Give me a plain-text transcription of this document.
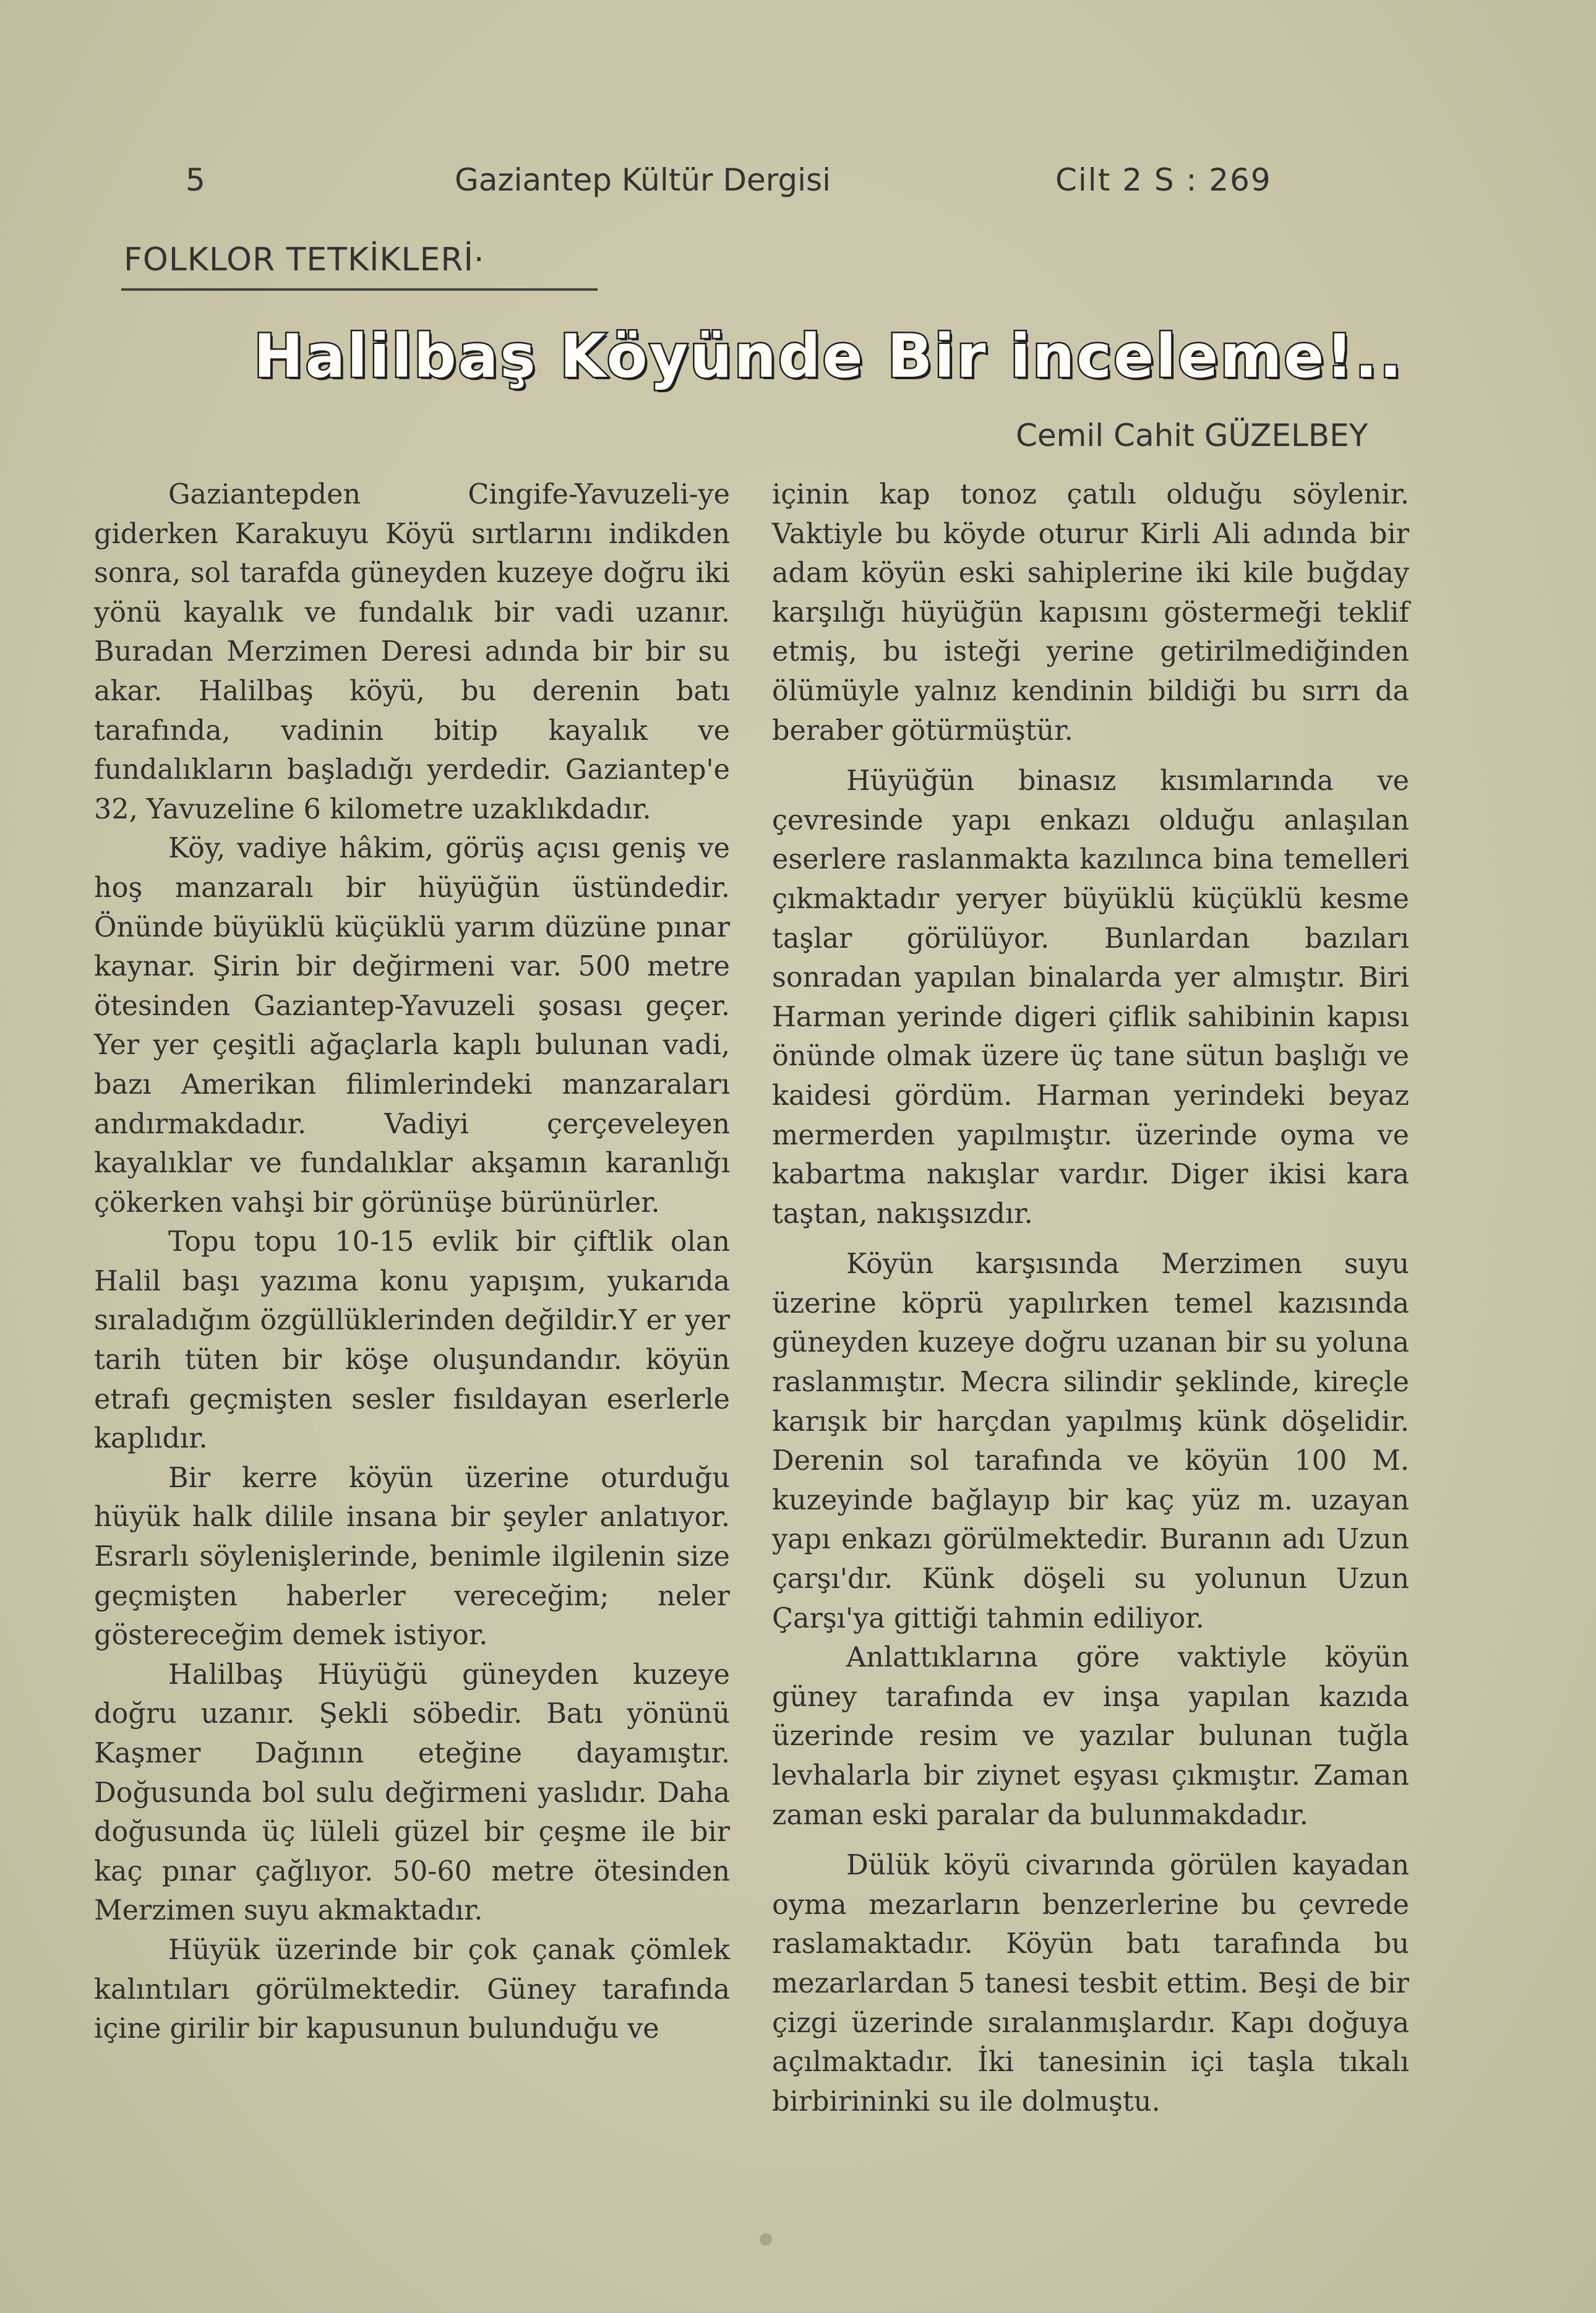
5	Gaziantep Kültür Dergisi	Cilt 2 S : 269
FOLKLOR TETKİKLERİ·
Halilbaş Köyünde Bir inceleme!..
Cemil Cahit GÜZELBEY

Gaziantepden Cingife-Yavuzeli-ye giderken Karakuyu Köyü sırtlarını indikden sonra, sol tarafda güneyden kuzeye doğru iki yönü kayalık ve fundalık bir vadi uzanır. Buradan Merzimen Deresi adında bir bir su akar. Halilbaş köyü, bu derenin batı tarafında, vadinin bitip kayalık ve fundalıkların başladığı yerdedir. Gaziantep'e 32, Yavuzeline 6 kilometre uzaklıkdadır.

Köy, vadiye hâkim, görüş açısı geniş ve hoş manzaralı bir hüyüğün üstündedir. Önünde büyüklü küçüklü yarım düzüne pınar kaynar. Şirin bir değirmeni var. 500 metre ötesinden Gaziantep-Yavuzeli şosası geçer. Yer yer çeşitli ağaçlarla kaplı bulunan vadi, bazı Amerikan filimlerindeki manzaraları andırmakdadır. Vadiyi çerçeveleyen kayalıklar ve fundalıklar akşamın karanlığı çökerken vahşi bir görünüşe bürünürler.

Topu topu 10-15 evlik bir çiftlik olan Halil başı yazıma konu yapışım, yukarıda sıraladığım özgüllüklerinden değildir.Y er yer tarih tüten bir köşe oluşundandır. köyün etrafı geçmişten sesler fısıldayan eserlerle kaplıdır.

Bir kerre köyün üzerine oturduğu hüyük halk dilile insana bir şeyler anlatıyor. Esrarlı söylenişlerinde, benimle ilgilenin size geçmişten haberler vereceğim; neler göstereceğim demek istiyor.

Halilbaş Hüyüğü güneyden kuzeye doğru uzanır. Şekli söbedir. Batı yönünü Kaşmer Dağının eteğine dayamıştır. Doğusunda bol sulu değirmeni yaslıdır. Daha doğusunda üç lüleli güzel bir çeşme ile bir kaç pınar çağlıyor. 50-60 metre ötesinden Merzimen suyu akmaktadır.

Hüyük üzerinde bir çok çanak çömlek kalıntıları görülmektedir. Güney tarafında içine girilir bir kapusunun bulunduğu ve

içinin kap tonoz çatılı olduğu söylenir. Vaktiyle bu köyde oturur Kirli Ali adında bir adam köyün eski sahiplerine iki kile buğday karşılığı hüyüğün kapısını göstermeği teklif etmiş, bu isteği yerine getirilmediğinden ölümüyle yalnız kendinin bildiği bu sırrı da beraber götürmüştür.

Hüyüğün binasız kısımlarında ve çevresinde yapı enkazı olduğu anlaşılan eserlere raslanmakta kazılınca bina temelleri çıkmaktadır yeryer büyüklü küçüklü kesme taşlar görülüyor. Bunlardan bazıları sonradan yapılan binalarda yer almıştır. Biri Harman yerinde digeri çiflik sahibinin kapısı önünde olmak üzere üç tane sütun başlığı ve kaidesi gördüm. Harman yerindeki beyaz mermerden yapılmıştır. üzerinde oyma ve kabartma nakışlar vardır. Diger ikisi kara taştan, nakışsızdır.

Köyün karşısında Merzimen suyu üzerine köprü yapılırken temel kazısında güneyden kuzeye doğru uzanan bir su yoluna raslanmıştır. Mecra silindir şeklinde, kireçle karışık bir harçdan yapılmış künk döşelidir. Derenin sol tarafında ve köyün 100 M. kuzeyinde bağlayıp bir kaç yüz m. uzayan yapı enkazı görülmektedir. Buranın adı Uzun çarşı'dır. Künk döşeli su yolunun Uzun Çarşı'ya gittiği tahmin ediliyor.

Anlattıklarına göre vaktiyle köyün güney tarafında ev inşa yapılan kazıda üzerinde resim ve yazılar bulunan tuğla levhalarla bir ziynet eşyası çıkmıştır. Zaman zaman eski paralar da bulunmakdadır.

Dülük köyü civarında görülen kayadan oyma mezarların benzerlerine bu çevrede raslamaktadır. Köyün batı tarafında bu mezarlardan 5 tanesi tesbit ettim. Beşi de bir çizgi üzerinde sıralanmışlardır. Kapı doğuya açılmaktadır. İki tanesinin içi taşla tıkalı birbirininki su ile dolmuştu.
